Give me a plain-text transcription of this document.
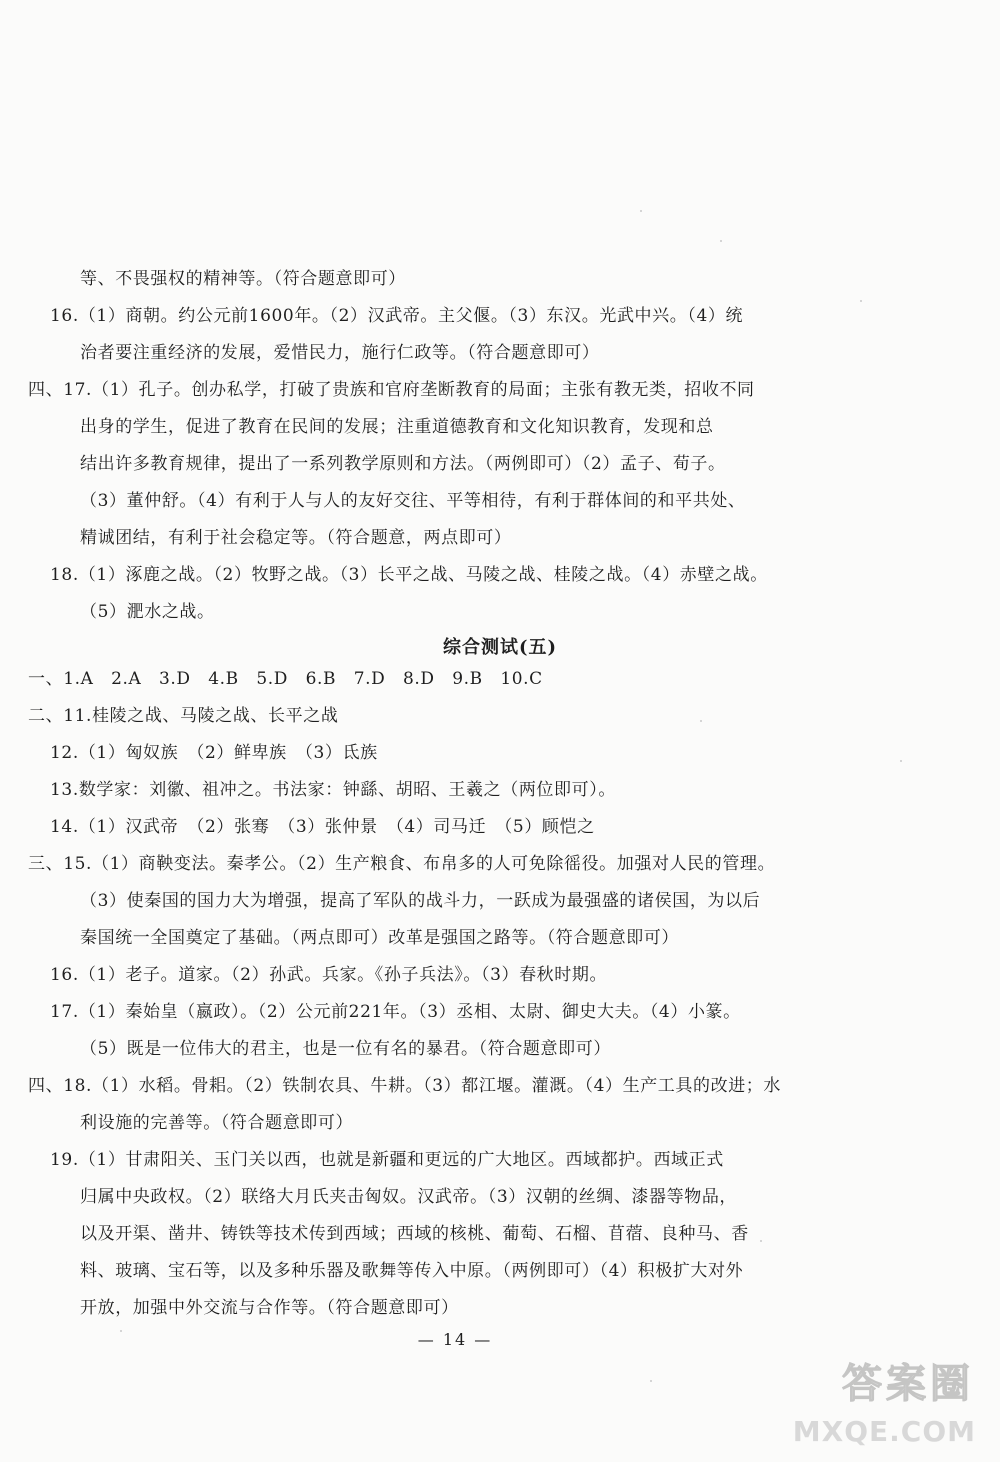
等、不畏强权的精神等。（符合题意即可）
16.（1）商朝。约公元前1600年。（2）汉武帝。主父偃。（3）东汉。光武中兴。（4）统
治者要注重经济的发展，爱惜民力，施行仁政等。（符合题意即可）
四、17.（1）孔子。创办私学，打破了贵族和官府垄断教育的局面；主张有教无类，招收不同
出身的学生，促进了教育在民间的发展；注重道德教育和文化知识教育，发现和总
结出许多教育规律，提出了一系列教学原则和方法。（两例即可）（2）孟子、荀子。
（3）董仲舒。（4）有利于人与人的友好交往、平等相待，有利于群体间的和平共处、
精诚团结，有利于社会稳定等。（符合题意，两点即可）
18.（1）涿鹿之战。（2）牧野之战。（3）长平之战、马陵之战、桂陵之战。（4）赤壁之战。
（5）淝水之战。
综合测试(五)
一、1.A　2.A　3.D　4.B　5.D　6.B　7.D　8.D　9.B　10.C
二、11.桂陵之战、马陵之战、长平之战
12.（1）匈奴族　（2）鲜卑族　（3）氐族
13.数学家：刘徽、祖冲之。书法家：钟繇、胡昭、王羲之（两位即可）。
14.（1）汉武帝　（2）张骞　（3）张仲景　（4）司马迁　（5）顾恺之
三、15.（1）商鞅变法。秦孝公。（2）生产粮食、布帛多的人可免除徭役。加强对人民的管理。
（3）使秦国的国力大为增强，提高了军队的战斗力，一跃成为最强盛的诸侯国，为以后
秦国统一全国奠定了基础。（两点即可）改革是强国之路等。（符合题意即可）
16.（1）老子。道家。（2）孙武。兵家。《孙子兵法》。（3）春秋时期。
17.（1）秦始皇（嬴政）。（2）公元前221年。（3）丞相、太尉、御史大夫。（4）小篆。
（5）既是一位伟大的君主，也是一位有名的暴君。（符合题意即可）
四、18.（1）水稻。骨耜。（2）铁制农具、牛耕。（3）都江堰。灌溉。（4）生产工具的改进；水
利设施的完善等。（符合题意即可）
19.（1）甘肃阳关、玉门关以西，也就是新疆和更远的广大地区。西域都护。西域正式
归属中央政权。（2）联络大月氏夹击匈奴。汉武帝。（3）汉朝的丝绸、漆器等物品，
以及开渠、凿井、铸铁等技术传到西域；西域的核桃、葡萄、石榴、苜蓿、良种马、香
料、玻璃、宝石等，以及多种乐器及歌舞等传入中原。（两例即可）（4）积极扩大对外
开放，加强中外交流与合作等。（符合题意即可）
— 14 —
答案圈
MXQE.COM
